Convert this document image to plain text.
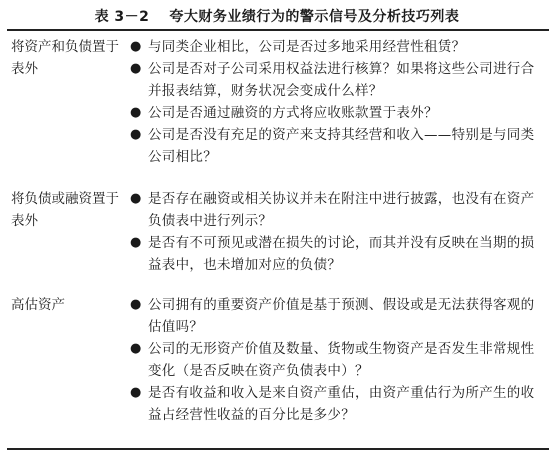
表 3－2 夸大财务业绩行为的警示信号及分析技巧列表
将资产和负债置于表外
● 与同类企业相比，公司是否过多地采用经营性租赁？
● 公司是否对子公司采用权益法进行核算？如果将这些公司进行合并报表结算，财务状况会变成什么样？
● 公司是否通过融资的方式将应收账款置于表外？
● 公司是否没有充足的资产来支持其经营和收入——特别是与同类公司相比？
将负债或融资置于表外
● 是否存在融资或相关协议并未在附注中进行披露，也没有在资产负债表中进行列示？
● 是否有不可预见或潜在损失的讨论，而其并没有反映在当期的损益表中，也未增加对应的负债？
高估资产	● 公司拥有的重要资产价值是基于预测、假设或是无法获得客观的估值吗？
● 公司的无形资产价值及数量、货物或生物资产是否发生非常规性变化（是否反映在资产负债表中）？
● 是否有收益和收入是来自资产重估，由资产重估行为所产生的收益占经营性收益的百分比是多少？
